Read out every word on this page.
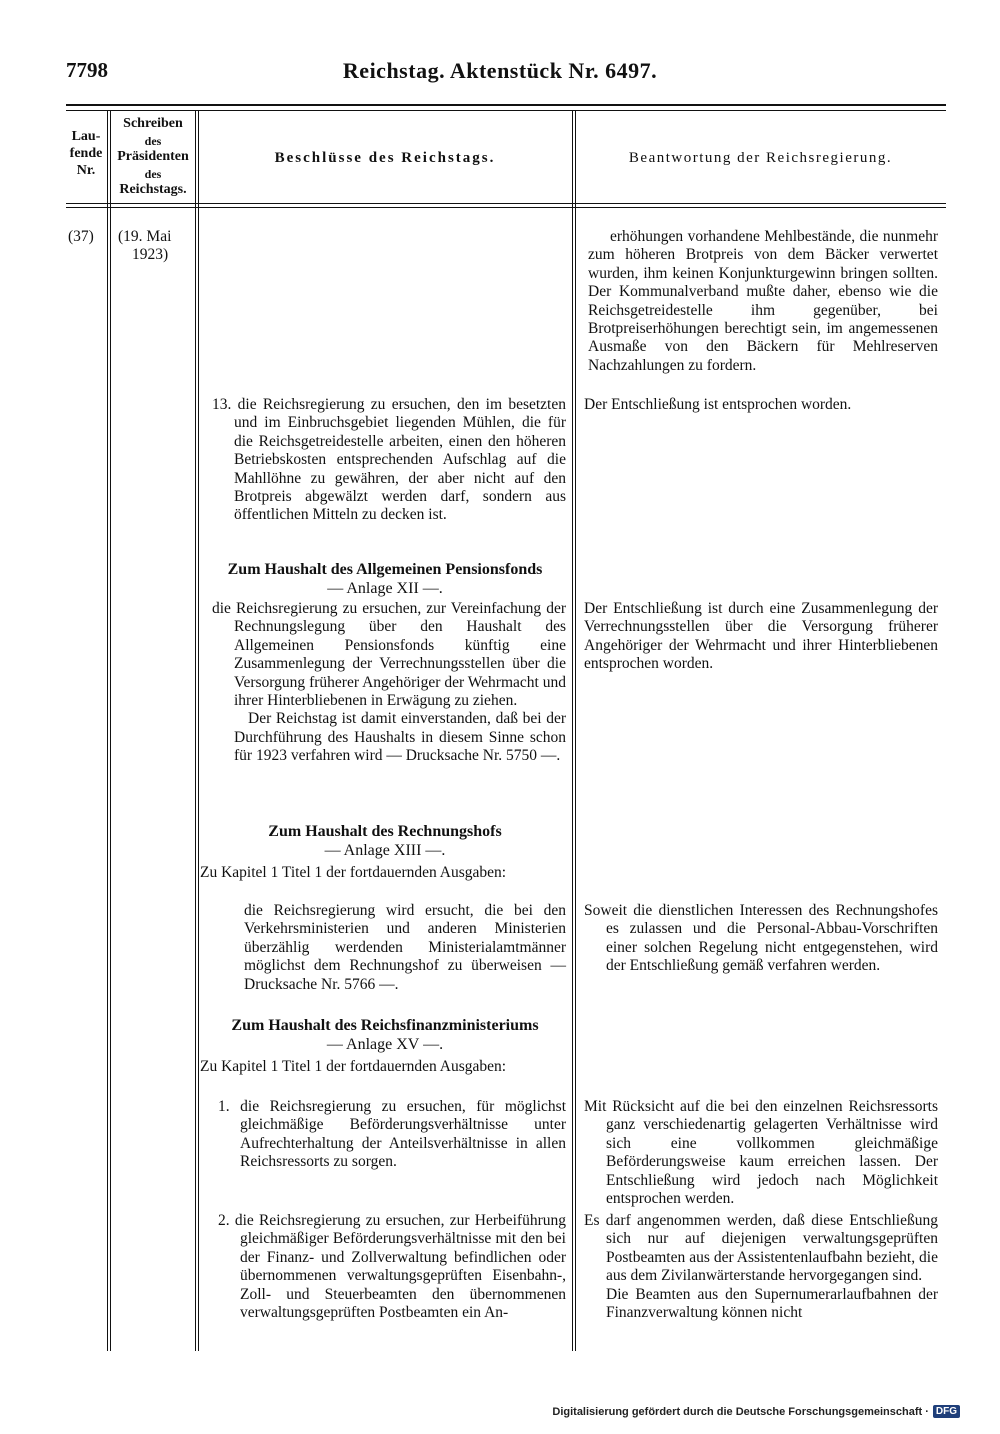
7798	Reichstag. Aktenstück Nr. 6497.
Lau-
fende
Nr.
Schreiben
des
Präsidenten
des
Reichstags.
Beschlüsse des Reichstags.	Beantwortung der Reichsregierung.
(37) (19. Mai
1923)

erhöhungen vorhandene Mehlbestände, die nunmehr zum höheren Brotpreis von dem Bäcker verwertet wurden, ihm keinen Konjunkturgewinn bringen sollten. Der Kommunalverband mußte daher, ebenso wie die Reichsgetreidestelle ihm gegenüber, bei Brotpreiserhöhungen berechtigt sein, im angemessenen Ausmaße von den Bäckern für Mehlreserven Nachzahlungen zu fordern.

13. die Reichsregierung zu ersuchen, den im besetzten und im Einbruchsgebiet liegenden Mühlen, die für die Reichsgetreidestelle arbeiten, einen den höheren Betriebskosten entsprechenden Aufschlag auf die Mahllöhne zu gewähren, der aber nicht auf den Brotpreis abgewälzt werden darf, sondern aus öffentlichen Mitteln zu decken ist.

Der Entschließung ist entsprochen worden.
Zum Haushalt des Allgemeinen Pensionsfonds
— Anlage XII —.

die Reichsregierung zu ersuchen, zur Vereinfachung der Rechnungslegung über den Haushalt des Allgemeinen Pensionsfonds künftig eine Zusammenlegung der Verrechnungsstellen über die Versorgung früherer Angehöriger der Wehrmacht und ihrer Hinterbliebenen in Erwägung zu ziehen.

Der Reichstag ist damit einverstanden, daß bei der Durchführung des Haushalts in diesem Sinne schon für 1923 verfahren wird — Drucksache Nr. 5750 —.

Der Entschließung ist durch eine Zusammenlegung der Verrechnungsstellen über die Versorgung früherer Angehöriger der Wehrmacht und ihrer Hinterbliebenen entsprochen worden.
Zum Haushalt des Rechnungshofs
— Anlage XIII —.

Zu Kapitel 1 Titel 1 der fortdauernden Ausgaben:

die Reichsregierung wird ersucht, die bei den Verkehrsministerien und anderen Ministerien überzählig werdenden Ministerialamtmänner möglichst dem Rechnungshof zu überweisen — Drucksache Nr. 5766 —.

Soweit die dienstlichen Interessen des Rechnungshofes es zulassen und die Personal-Abbau-Vorschriften einer solchen Regelung nicht entgegenstehen, wird der Entschließung gemäß verfahren werden.

Zum Haushalt des Reichsfinanzministeriums
— Anlage XV —.

Zu Kapitel 1 Titel 1 der fortdauernden Ausgaben:

1. die Reichsregierung zu ersuchen, für möglichst gleichmäßige Beförderungsverhältnisse unter Aufrechterhaltung der Anteilsverhältnisse in allen Reichsressorts zu sorgen.

Mit Rücksicht auf die bei den einzelnen Reichsressorts ganz verschiedenartig gelagerten Verhältnisse wird sich eine vollkommen gleichmäßige Beförderungsweise kaum erreichen lassen. Der Entschließung wird jedoch nach Möglichkeit entsprochen werden.

2. die Reichsregierung zu ersuchen, zur Herbeiführung gleichmäßiger Beförderungsverhältnisse mit den bei der Finanz- und Zollverwaltung befindlichen oder übernommenen verwaltungsgeprüften Eisenbahn-, Zoll- und Steuerbeamten den übernommenen verwaltungsgeprüften Postbeamten ein An-

Es darf angenommen werden, daß diese Entschließung sich nur auf diejenigen verwaltungsgeprüften Postbeamten aus der Assistentenlaufbahn bezieht, die aus dem Zivilanwärterstande hervorgegangen sind.

Die Beamten aus den Supernumerarlaufbahnen der Finanzverwaltung können nicht

Digitalisierung gefördert durch die Deutsche Forschungsgemeinschaft · DFG
